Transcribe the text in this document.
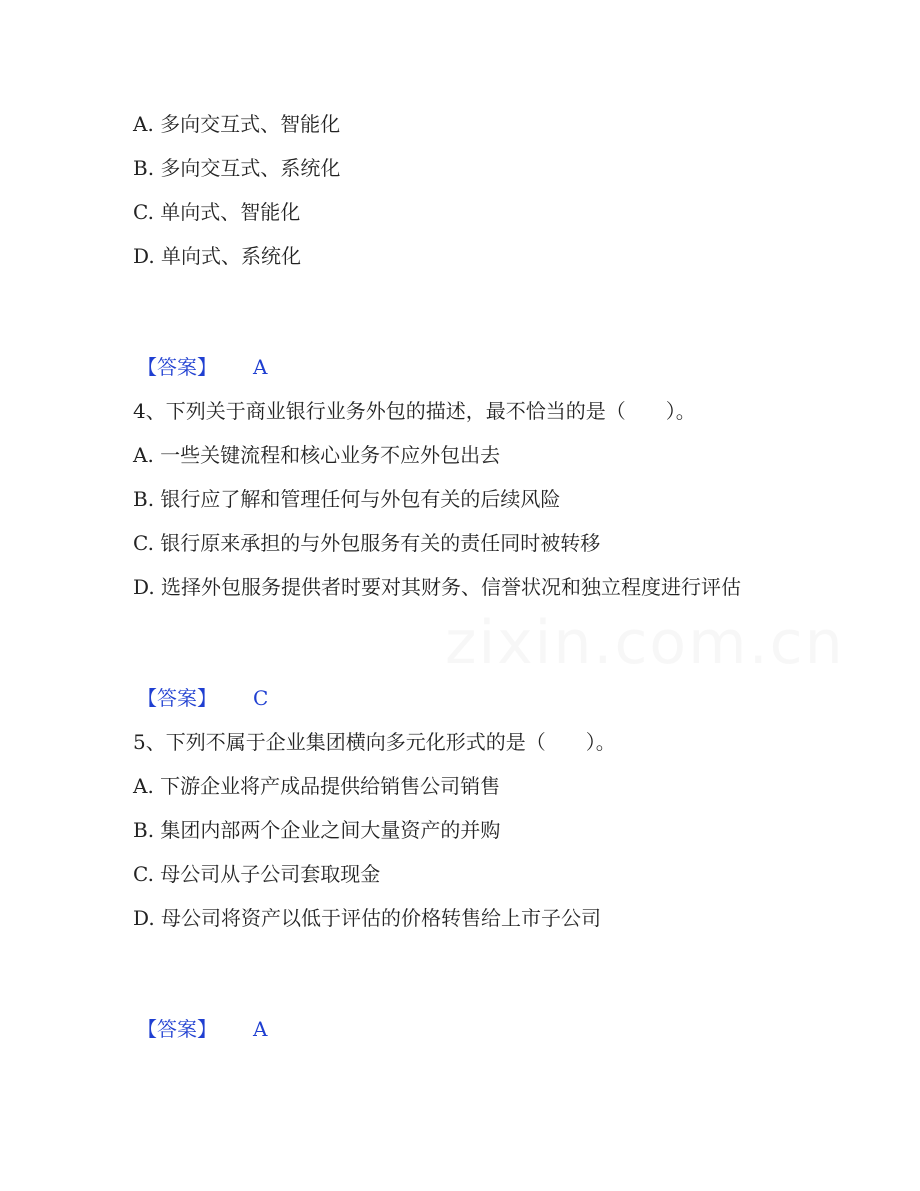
zixin.com.cn
A. 多向交互式、智能化
B. 多向交互式、系统化
C. 单向式、智能化
D. 单向式、系统化
【答案】 A
4、下列关于商业银行业务外包的描述，最不恰当的是（　　）。
A. 一些关键流程和核心业务不应外包出去
B. 银行应了解和管理任何与外包有关的后续风险
C. 银行原来承担的与外包服务有关的责任同时被转移
D. 选择外包服务提供者时要对其财务、信誉状况和独立程度进行评估
【答案】 C
5、下列不属于企业集团横向多元化形式的是（　　）。
A. 下游企业将产成品提供给销售公司销售
B. 集团内部两个企业之间大量资产的并购
C. 母公司从子公司套取现金
D. 母公司将资产以低于评估的价格转售给上市子公司
【答案】 A
